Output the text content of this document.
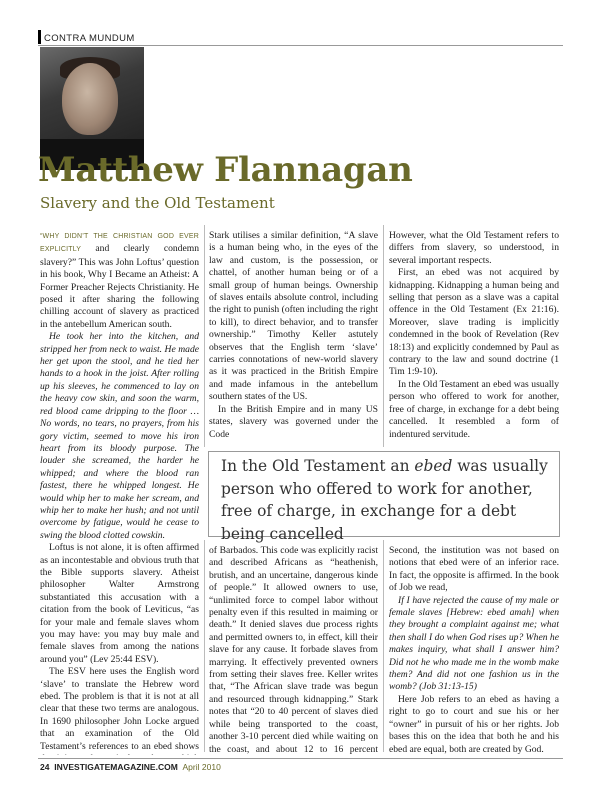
CONTRA MUNDUM
Matthew Flannagan
Slavery and the Old Testament

“WHY DIDN’T THE CHRISTIAN GOD EVER EXPLICITLY and clearly condemn slavery?” This was John Loftus’ question in his book, Why I Became an Atheist: A Former Preacher Rejects Christianity. He posed it after sharing the following chilling account of slavery as practiced in the antebellum American south.

He took her into the kitchen, and stripped her from neck to waist. He made her get upon the stool, and he tied her hands to a hook in the joist. After rolling up his sleeves, he commenced to lay on the heavy cow skin, and soon the warm, red blood came dripping to the floor … No words, no tears, no prayers, from his gory victim, seemed to move his iron heart from its bloody purpose. The louder she screamed, the harder he whipped; and where the blood ran fastest, there he whipped longest. He would whip her to make her scream, and whip her to make her hush; and not until overcome by fatigue, would he cease to swing the blood clotted cowskin.

Loftus is not alone, it is often affirmed as an incontestable and obvious truth that the Bible supports slavery. Atheist philosopher Walter Armstrong substantiated this accusation with a citation from the book of Leviticus, “as for your male and female slaves whom you may have: you may buy male and female slaves from among the nations around you” (Lev 25:44 ESV).

The ESV here uses the English word ‘slave’ to translate the Hebrew word ebed. The problem is that it is not at all clear that these two terms are analogous. In 1690 philosopher John Locke argued that an examination of the Old Testament’s references to an ebed shows

Stark utilises a similar definition, “A slave is a human being who, in the eyes of the law and custom, is the possession, or chattel, of another human being or of a small group of human beings. Ownership of slaves entails absolute control, including the right to punish (often including the right to kill), to direct behavior, and to transfer ownership.” Timothy Keller astutely observes that the English term ‘slave’ carries connotations of new-world slavery as it was practiced in the British Empire and made infamous in the antebellum southern states of the US.

In the British Empire and in many US states, slavery was governed under the Code

However, what the Old Testament refers to differs from slavery, so understood, in several important respects.

First, an ebed was not acquired by kidnapping. Kidnapping a human being and selling that person as a slave was a capital offence in the Old Testament (Ex 21:16). Moreover, slave trading is implicitly condemned in the book of Revelation (Rev 18:13) and explicitly condemned by Paul as contrary to the law and sound doctrine (1 Tim 1:9-10).

In the Old Testament an ebed was usually person who offered to work for another, free of charge, in exchange for a debt being cancelled. It resembled a form of indentured servitude.

In the Old Testament an ebed was usually person who offered to work for another, free of charge, in exchange for a debt being cancelled

of Barbados. This code was explicitly racist and described Africans as “heathenish, brutish, and an uncertaine, dangerous kinde of people.” It allowed owners to use, “unlimited force to compel labor without penalty even if this resulted in maiming or death.” It denied slaves due process rights and permitted owners to, in effect, kill their slave for any cause. It forbade slaves from marrying. It effectively prevented owners from setting their slaves free. Keller writes that, “The African slave trade was begun and resourced through kidnapping.” Stark notes that “20 to 40 percent of slaves died while being transported to the coast, another 3-10 percent died while waiting on the coast, and about 12 to 16 percent

Second, the institution was not based on notions that ebed were of an inferior race. In fact, the opposite is affirmed. In the book of Job we read,

If I have rejected the cause of my male or female slaves [Hebrew: ebed amah] when they brought a complaint against me; what then shall I do when God rises up? When he makes inquiry, what shall I answer him? Did not he who made me in the womb make them? And did not one fashion us in the womb? (Job 31:13-15)

Here Job refers to an ebed as having a right to go to court and sue his or her “owner” in pursuit of his or her rights. Job bases this on the idea that both he and his ebed are equal, both are created by God.

24 INVESTIGATEMAGAZINE.COM April 2010
